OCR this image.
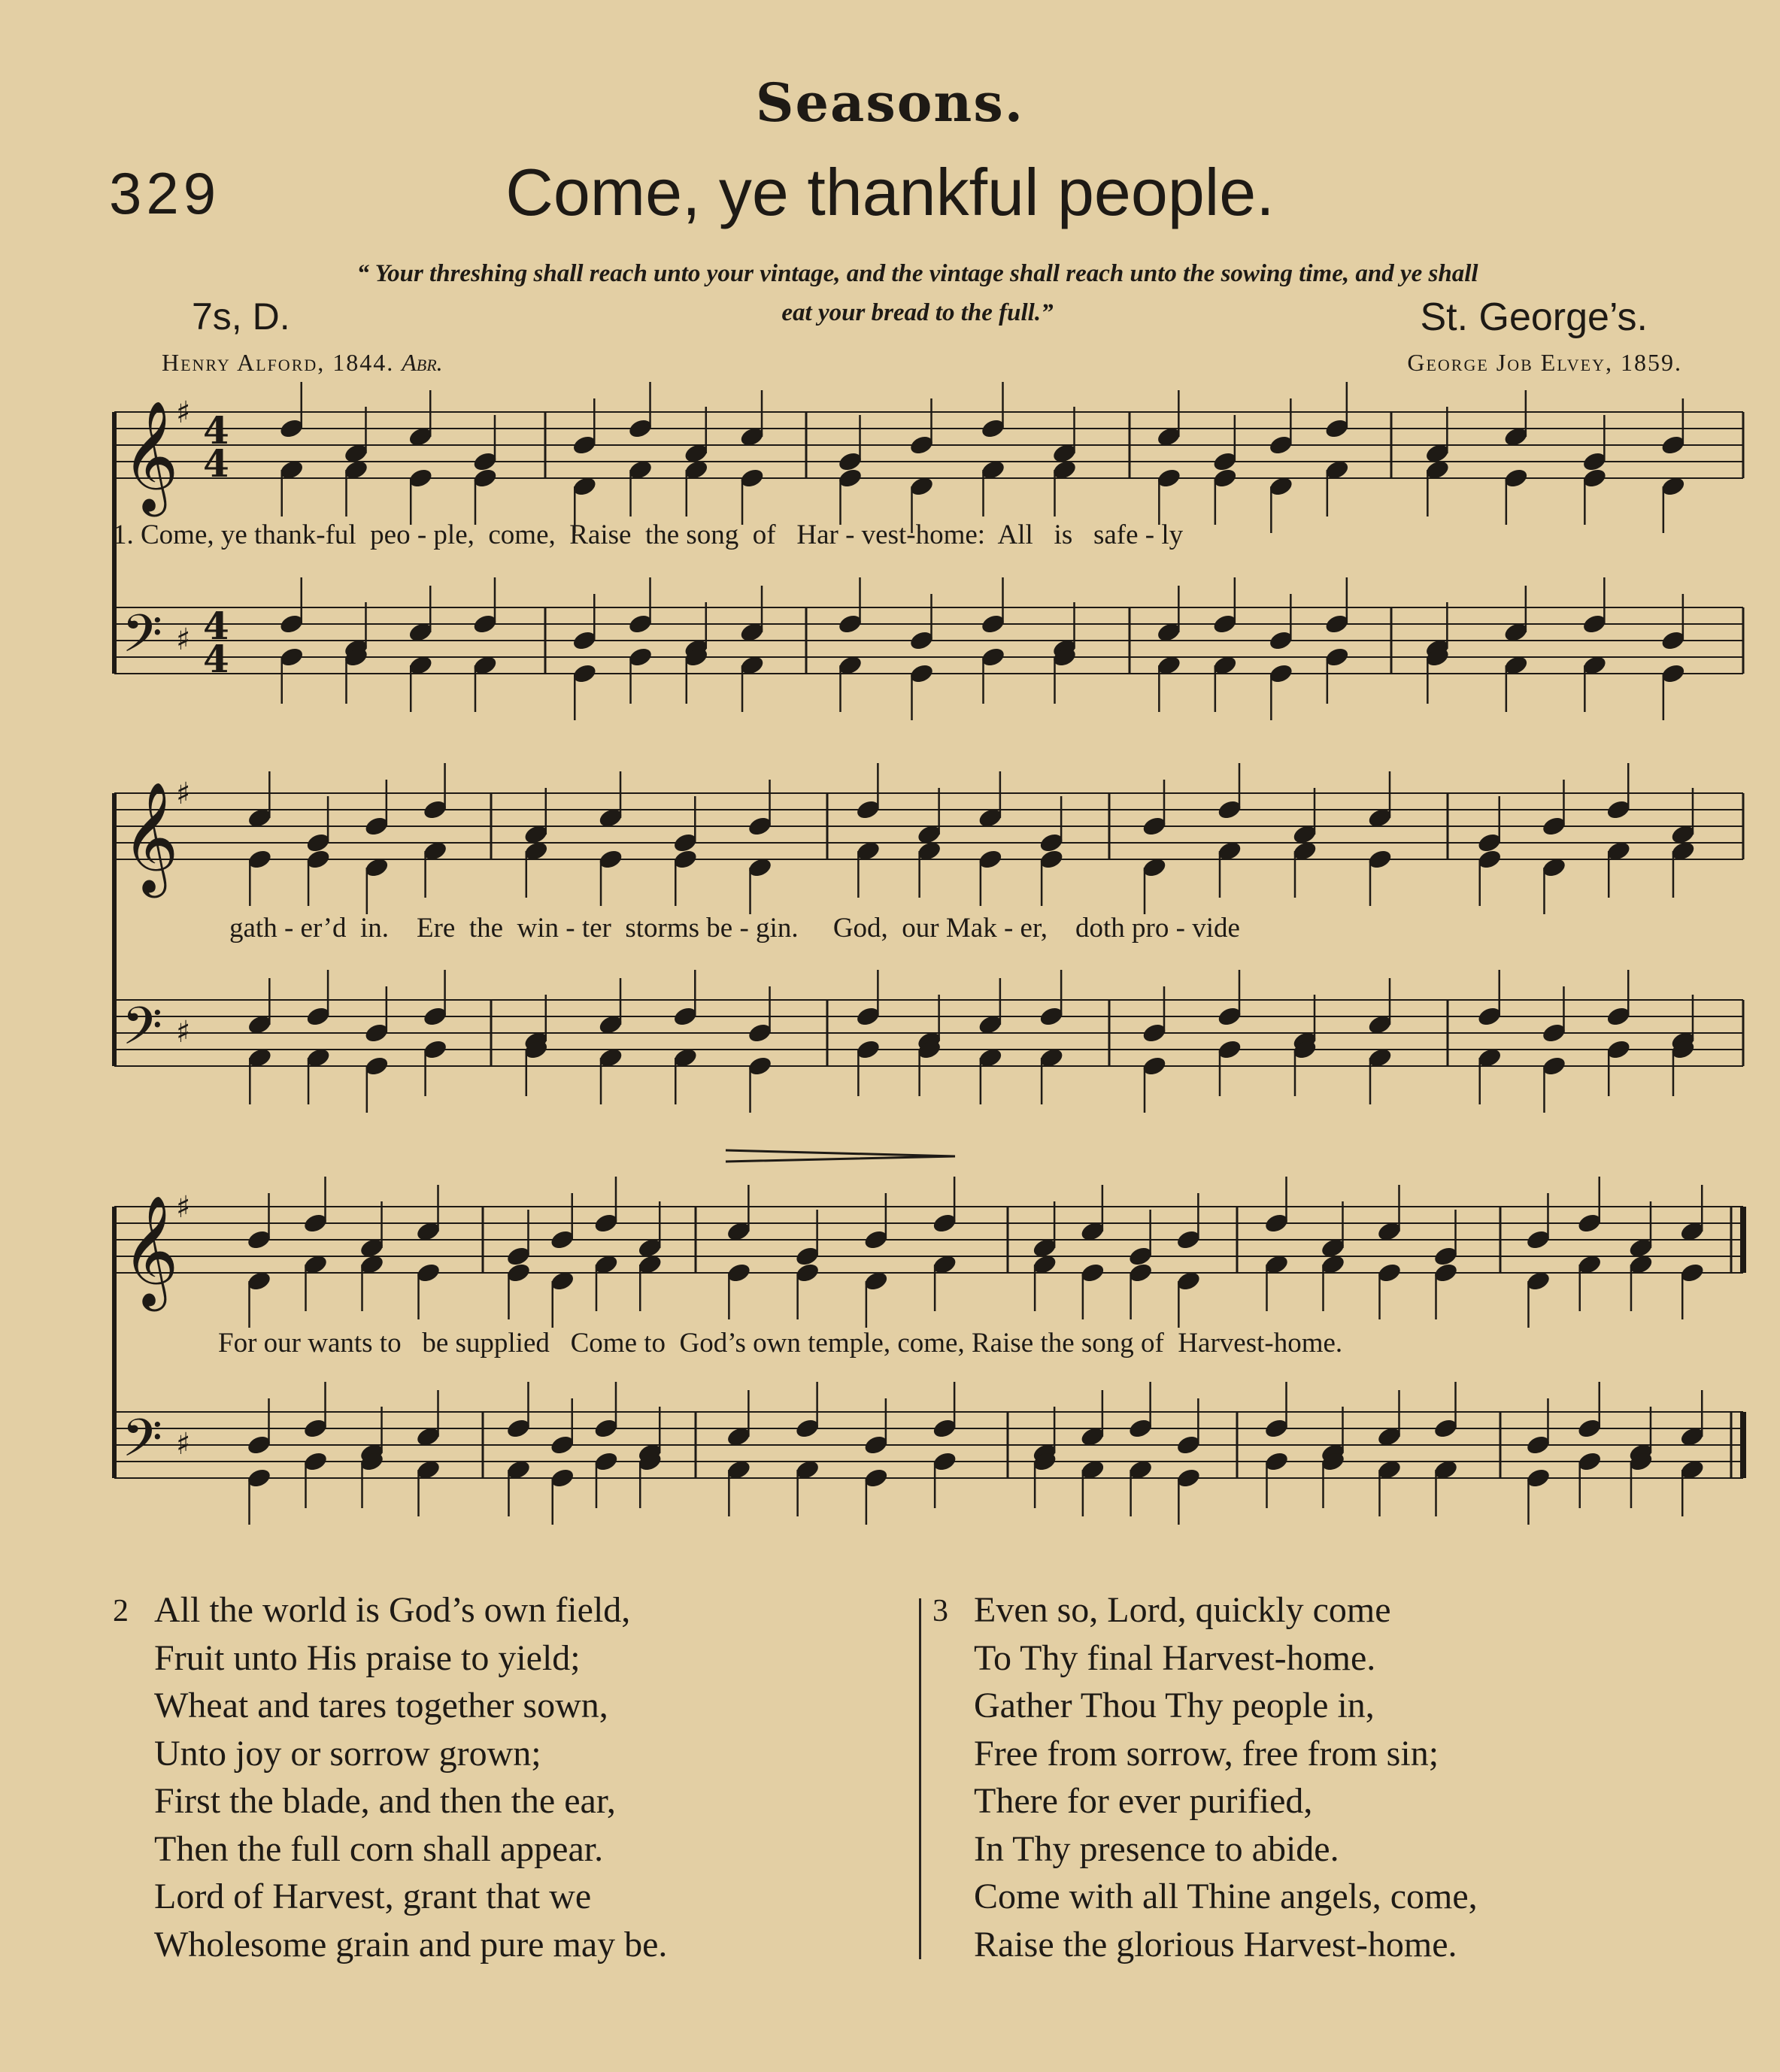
Seasons.
329	Come, ye thankful people.
“ Your threshing shall reach unto your vintage, and the vintage shall reach unto the sowing time, and ye shall
eat your bread to the full.”
7s, D.	St. George’s.
Henry Alford, 1844. Abr.	George Job Elvey, 1859.
𝄞
♯ 4
4
𝄢 ♯ 4
4
𝄞
♯
𝄢 ♯
𝄞
♯
𝄢 ♯
1. Come, ye thank-ful  peo - ple,  come,  Raise  the song  of   Har - vest-home:  All   is   safe - ly
gath - er’d  in.    Ere  the  win - ter  storms be - gin.     God,  our Mak - er,    doth pro - vide
For our wants to   be supplied   Come to  God’s own temple, come, Raise the song of  Harvest-home.
2 All the world is God’s own field,
Fruit unto His praise to yield;
Wheat and tares together sown,
Unto joy or sorrow grown;
First the blade, and then the ear,
Then the full corn shall appear.
Lord of Harvest, grant that we
Wholesome grain and pure may be.
3 Even so, Lord, quickly come
To Thy final Harvest-home.
Gather Thou Thy people in,
Free from sorrow, free from sin;
There for ever purified,
In Thy presence to abide.
Come with all Thine angels, come,
Raise the glorious Harvest-home.
